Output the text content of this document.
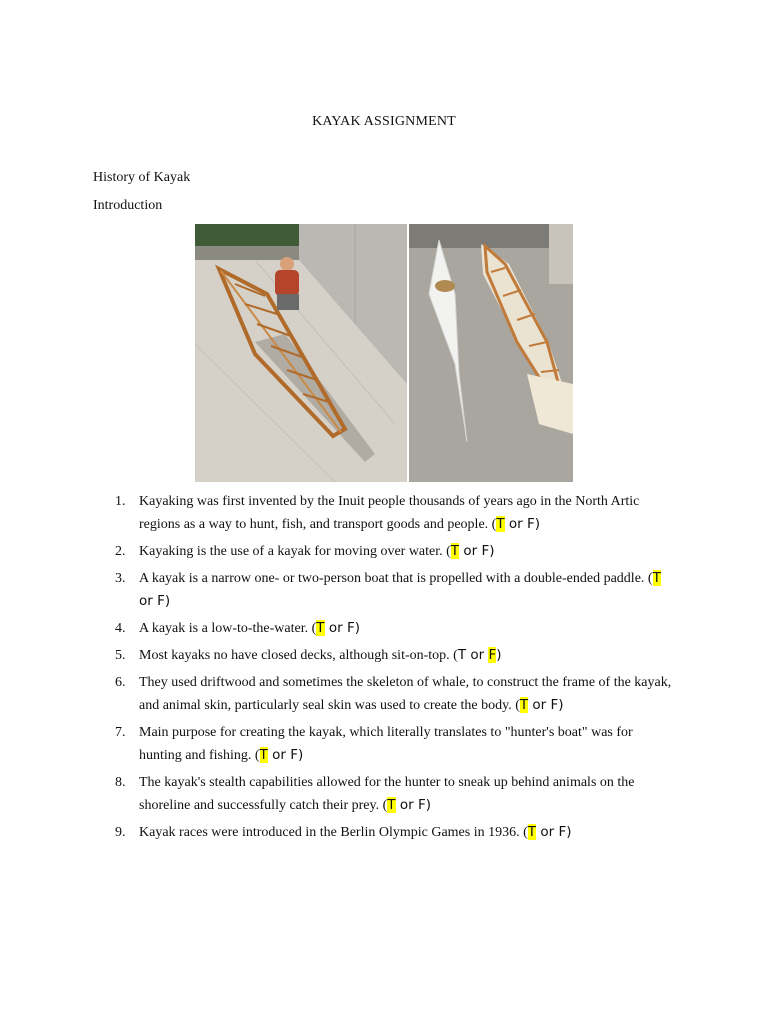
KAYAK ASSIGNMENT
History of Kayak
Introduction
1. Kayaking was first invented by the Inuit people thousands of years ago in the North Artic regions as a way to hunt, fish, and transport goods and people. (T or F)
2. Kayaking is the use of a kayak for moving over water. (T or F)
3. A kayak is a narrow one- or two-person boat that is propelled with a double-ended paddle. (T or F)
4. A kayak is a low-to-the-water. (T or F)
5. Most kayaks no have closed decks, although sit-on-top. (T or F)
6. They used driftwood and sometimes the skeleton of whale, to construct the frame of the kayak, and animal skin, particularly seal skin was used to create the body. (T or F)
7. Main purpose for creating the kayak, which literally translates to "hunter's boat" was for hunting and fishing. (T or F)
8. The kayak's stealth capabilities allowed for the hunter to sneak up behind animals on the shoreline and successfully catch their prey. (T or F)
9. Kayak races were introduced in the Berlin Olympic Games in 1936. (T or F)
